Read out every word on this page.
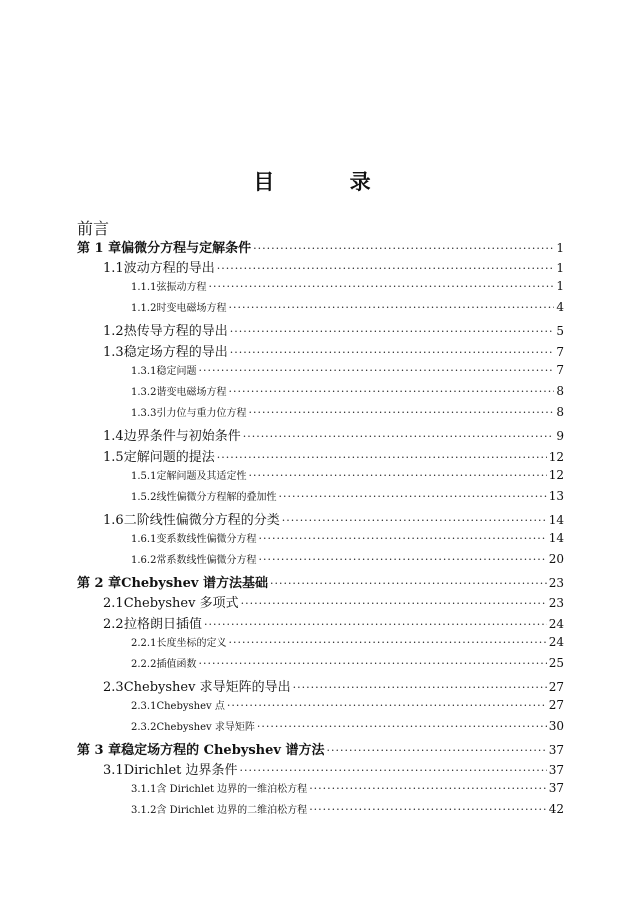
目 录
前言
第 1 章 偏微分方程与定解条件 ·····	1
1.1 波动方程的导出 ·····	1
1.1.1 弦振动方程 ·····	1
1.1.2 时变电磁场方程 ·····	4
1.2 热传导方程的导出 ·····	5
1.3 稳定场方程的导出 ·····	7
1.3.1 稳定问题 ·····	7
1.3.2 谐变电磁场方程 ·····	8
1.3.3 引力位与重力位方程 ·····	8
1.4 边界条件与初始条件 ·····	9
1.5 定解问题的提法 ·····	12
1.5.1 定解问题及其适定性 ·····	12
1.5.2 线性偏微分方程解的叠加性 ·····	13
1.6 二阶线性偏微分方程的分类 ·····	14
1.6.1 变系数线性偏微分方程 ·····	14
1.6.2 常系数线性偏微分方程 ·····	20
第 2 章 Chebyshev 谱方法基础 ·····	23
2.1 Chebyshev 多项式 ·····	23
2.2 拉格朗日插值 ·····	24
2.2.1 长度坐标的定义 ·····	24
2.2.2 插值函数 ·····	25
2.3 Chebyshev 求导矩阵的导出 ·····	27
2.3.1 Chebyshev 点 ·····	27
2.3.2 Chebyshev 求导矩阵 ·····	30
第 3 章 稳定场方程的 Chebyshev 谱方法 ·····	37
3.1 Dirichlet 边界条件 ·····	37
3.1.1 含 Dirichlet 边界的一维泊松方程 ·····	37
3.1.2 含 Dirichlet 边界的二维泊松方程 ·····	42
